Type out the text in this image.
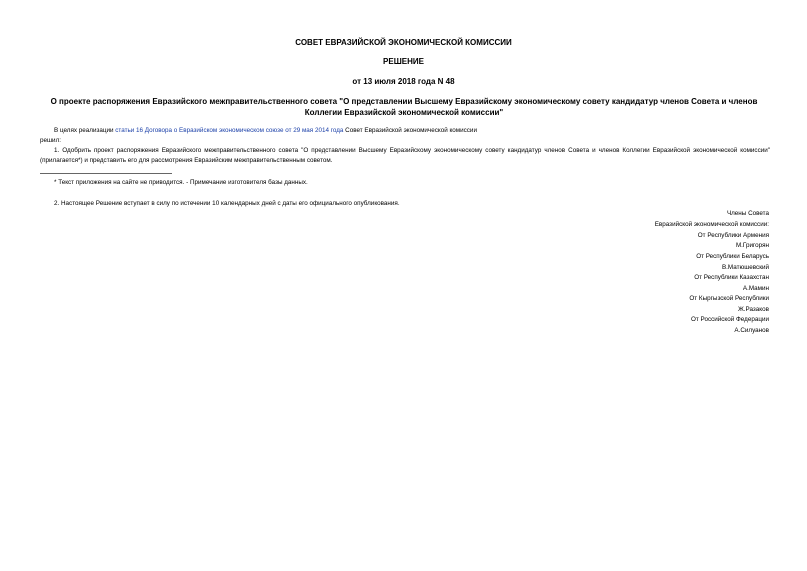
СОВЕТ ЕВРАЗИЙСКОЙ ЭКОНОМИЧЕСКОЙ КОМИССИИ
РЕШЕНИЕ
от 13 июля 2018 года N 48
О проекте распоряжения Евразийского межправительственного совета "О представлении Высшему Евразийскому экономическому совету кандидатур членов Совета и членов Коллегии Евразийской экономической комиссии"
В целях реализации статьи 16 Договора о Евразийском экономическом союзе от 29 мая 2014 года Совет Евразийской экономической комиссии
решил:
1. Одобрить проект распоряжения Евразийского межправительственного совета "О представлении Высшему Евразийскому экономическому совету кандидатур членов Совета и членов Коллегии Евразийской экономической комиссии" (прилагается*) и представить его для рассмотрения Евразийским межправительственным советом.
* Текст приложения на сайте не приводится. - Примечание изготовителя базы данных.
2. Настоящее Решение вступает в силу по истечении 10 календарных дней с даты его официального опубликования.
Члены Совета
Евразийской экономической комиссии:
От Республики Армения
М.Григорян
От Республики Беларусь
В.Матюшевский
От Республики Казахстан
А.Мамин
От Кыргызской Республики
Ж.Разаков
От Российской Федерации
А.Силуанов
